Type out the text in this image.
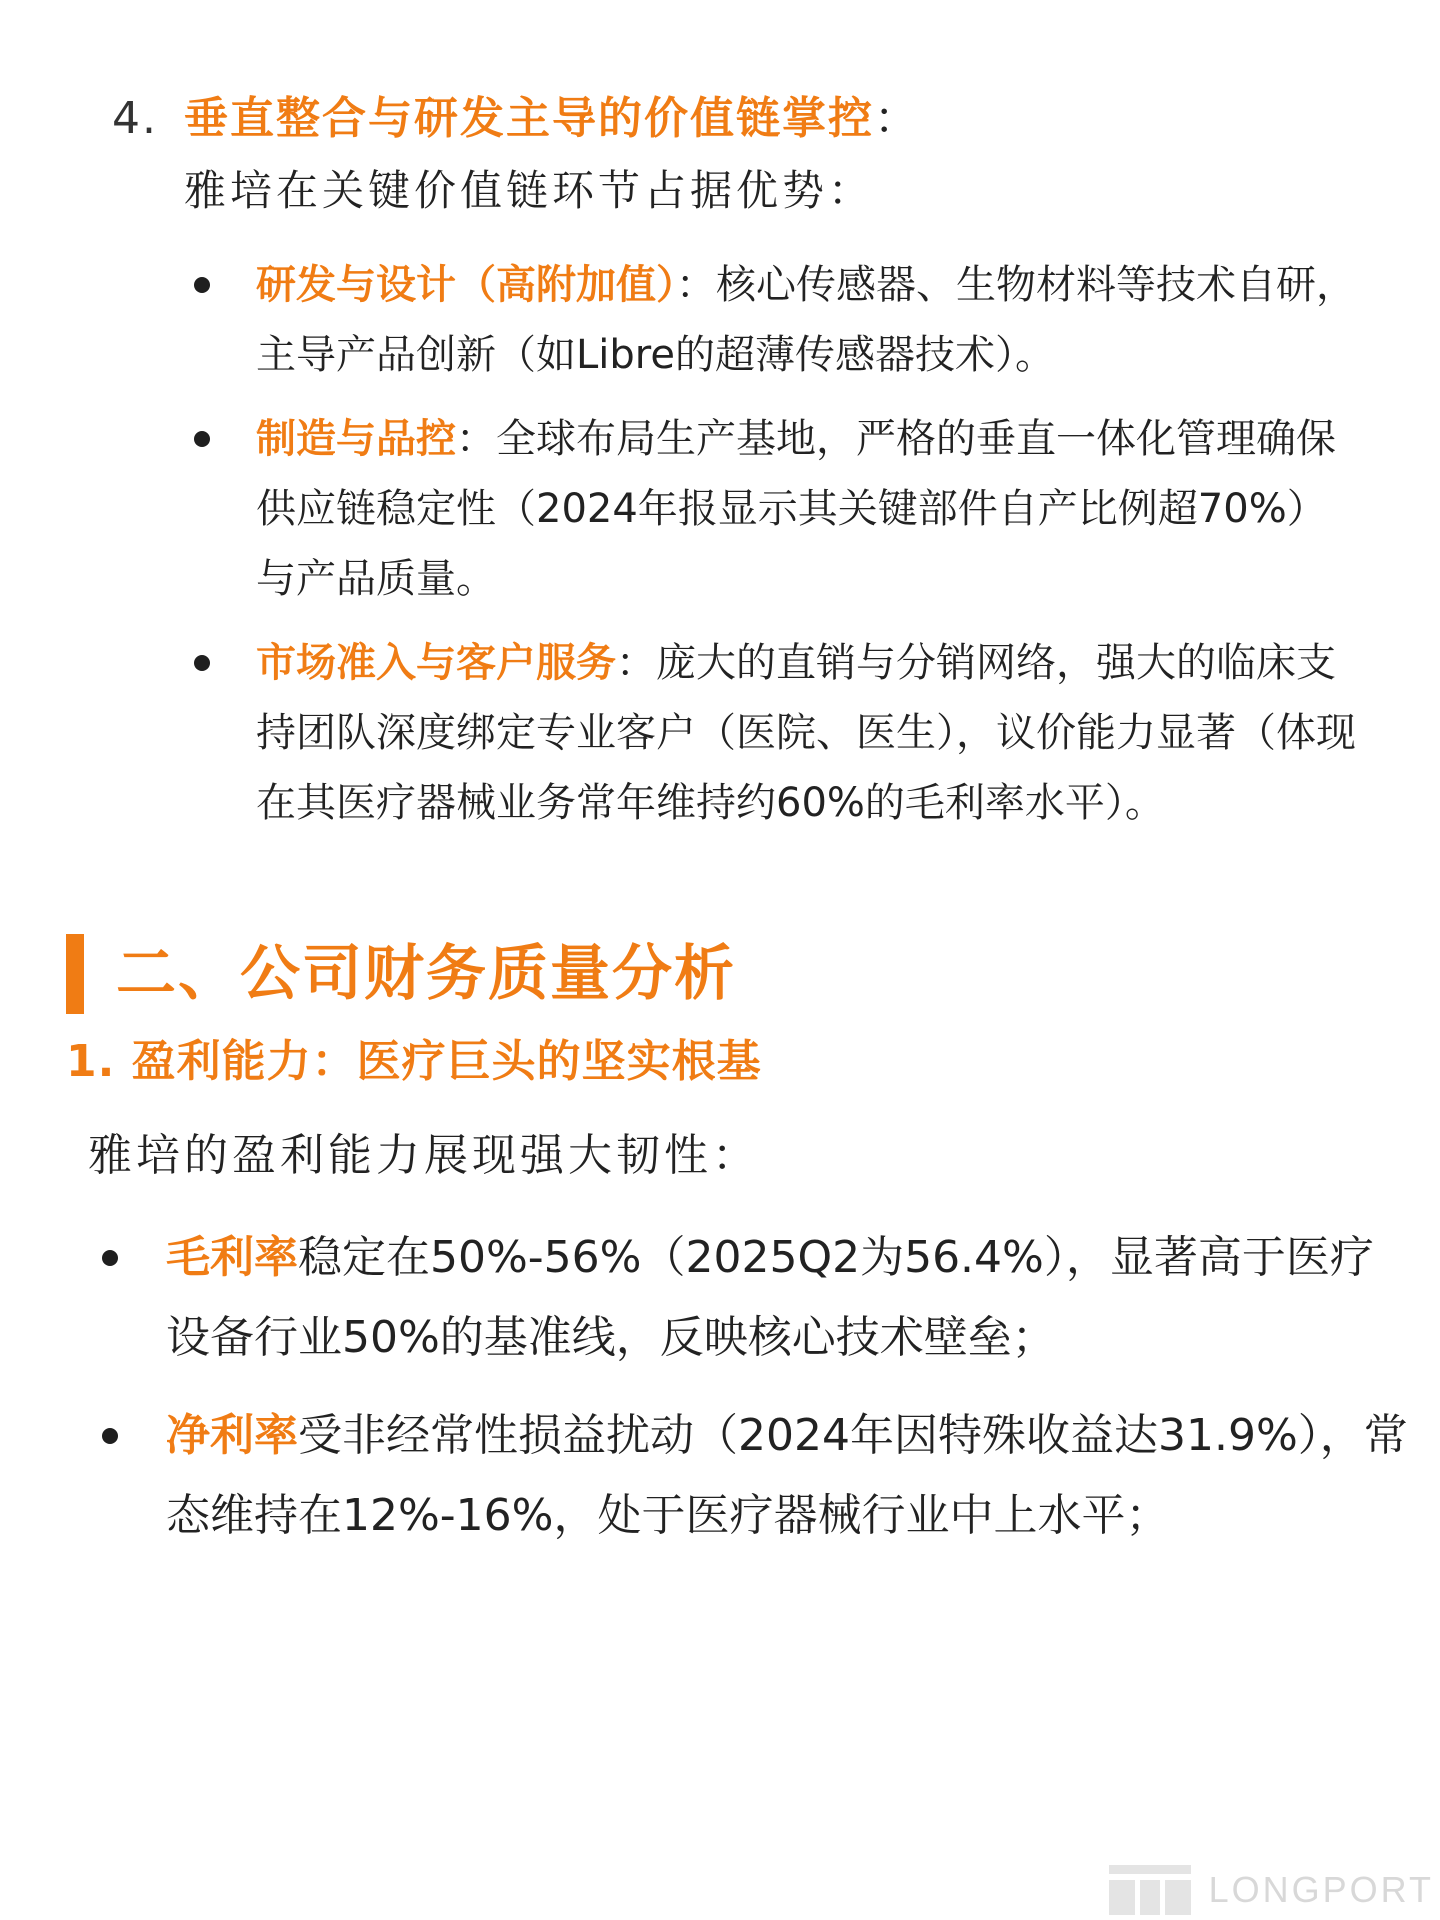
4. 垂直整合与研发主导的价值链掌控：
雅培在关键价值链环节占据优势：
研发与设计（高附加值）：核心传感器、生物材料等技术自研，主导产品创新（如Libre的超薄传感器技术）。
制造与品控：全球布局生产基地，严格的垂直一体化管理确保供应链稳定性（2024年报显示其关键部件自产比例超70%）与产品质量。
市场准入与客户服务：庞大的直销与分销网络，强大的临床支持团队深度绑定专业客户（医院、医生），议价能力显著（体现在其医疗器械业务常年维持约60%的毛利率水平）。
二、公司财务质量分析
1. 盈利能力：医疗巨头的坚实根基
雅培的盈利能力展现强大韧性：
毛利率稳定在50%-56%（2025Q2为56.4%），显著高于医疗设备行业50%的基准线，反映核心技术壁垒；
净利率受非经常性损益扰动（2024年因特殊收益达31.9%），常态维持在12%-16%，处于医疗器械行业中上水平；
LONGPORT
